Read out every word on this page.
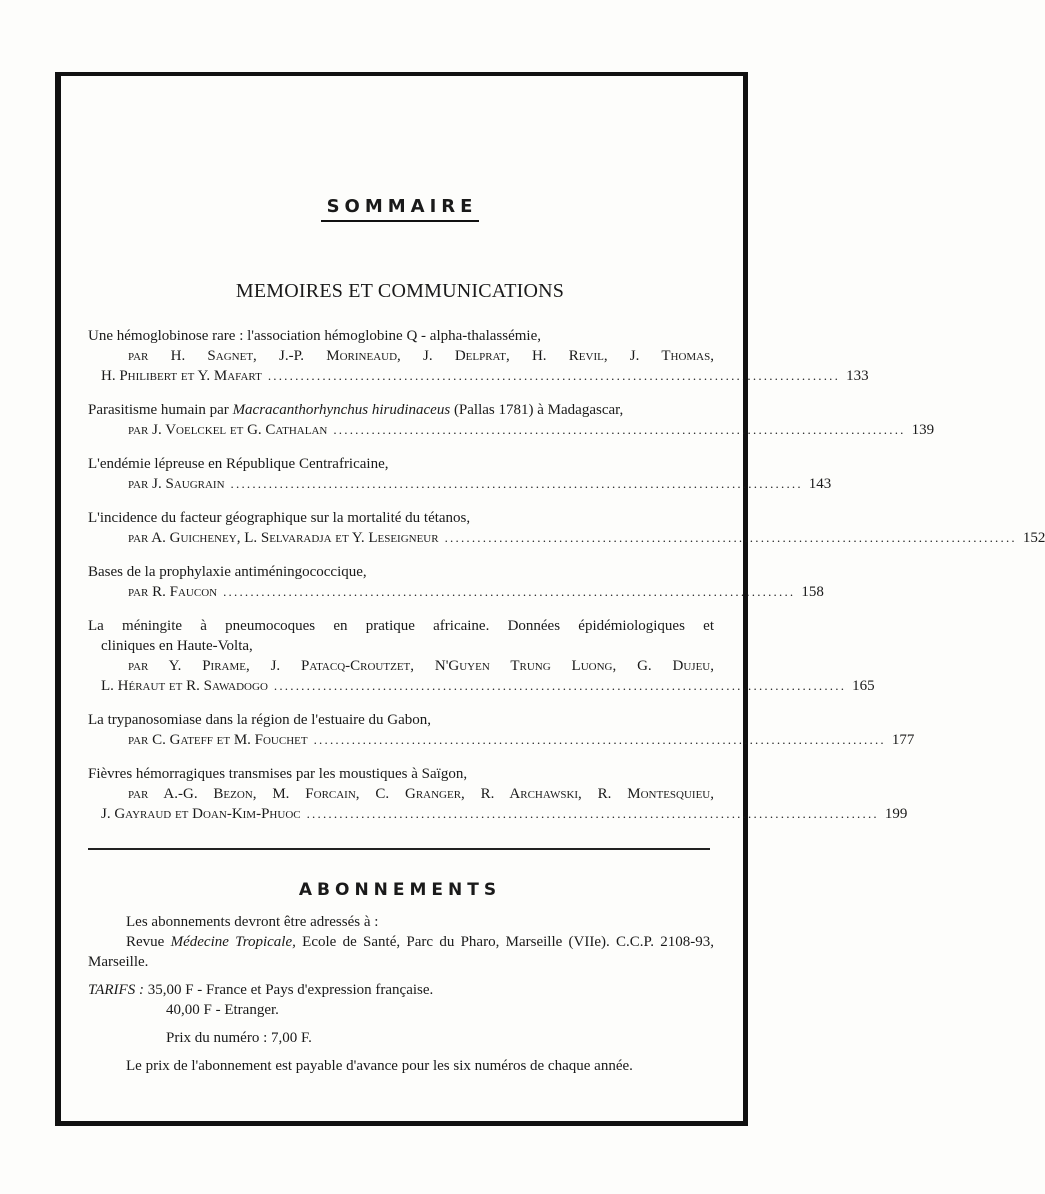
SOMMAIRE
MEMOIRES ET COMMUNICATIONS
Une hémoglobinose rare : l'association hémoglobine Q - alpha-thalassémie,
par H. Sagnet, J.-P. Morineaud, J. Delprat, H. Revil, J. Thomas,
H. Philibert et Y. Mafart ......................................................................................................... 133
Parasitisme humain par Macracanthorhynchus hirudinaceus (Pallas 1781) à Madagascar,
par J. Voelckel et G. Cathalan ......................................................................................................... 139
L'endémie lépreuse en République Centrafricaine,
par J. Saugrain ......................................................................................................... 143
L'incidence du facteur géographique sur la mortalité du tétanos,
par A. Guicheney, L. Selvaradja et Y. Leseigneur ......................................................................................................... 152
Bases de la prophylaxie antiméningococcique,
par R. Faucon ......................................................................................................... 158
La méningite à pneumocoques en pratique africaine. Données épidémiologiques et
cliniques en Haute-Volta,
par Y. Pirame, J. Patacq-Croutzet, N'Guyen Trung Luong, G. Dujeu,
L. Héraut et R. Sawadogo ......................................................................................................... 165
La trypanosomiase dans la région de l'estuaire du Gabon,
par C. Gateff et M. Fouchet ......................................................................................................... 177
Fièvres hémorragiques transmises par les moustiques à Saïgon,
par A.-G. Bezon, M. Forcain, C. Granger, R. Archawski, R. Montesquieu,
J. Gayraud et Doan-Kim-Phuoc ......................................................................................................... 199
ABONNEMENTS

Les abonnements devront être adressés à :

Revue Médecine Tropicale, Ecole de Santé, Parc du Pharo, Marseille (VIIe). C.C.P. 2108-93, Marseille.

TARIFS : 35,00 F - France et Pays d'expression française.

40,00 F - Etranger.

Prix du numéro : 7,00 F.

Le prix de l'abonnement est payable d'avance pour les six numéros de chaque année.
